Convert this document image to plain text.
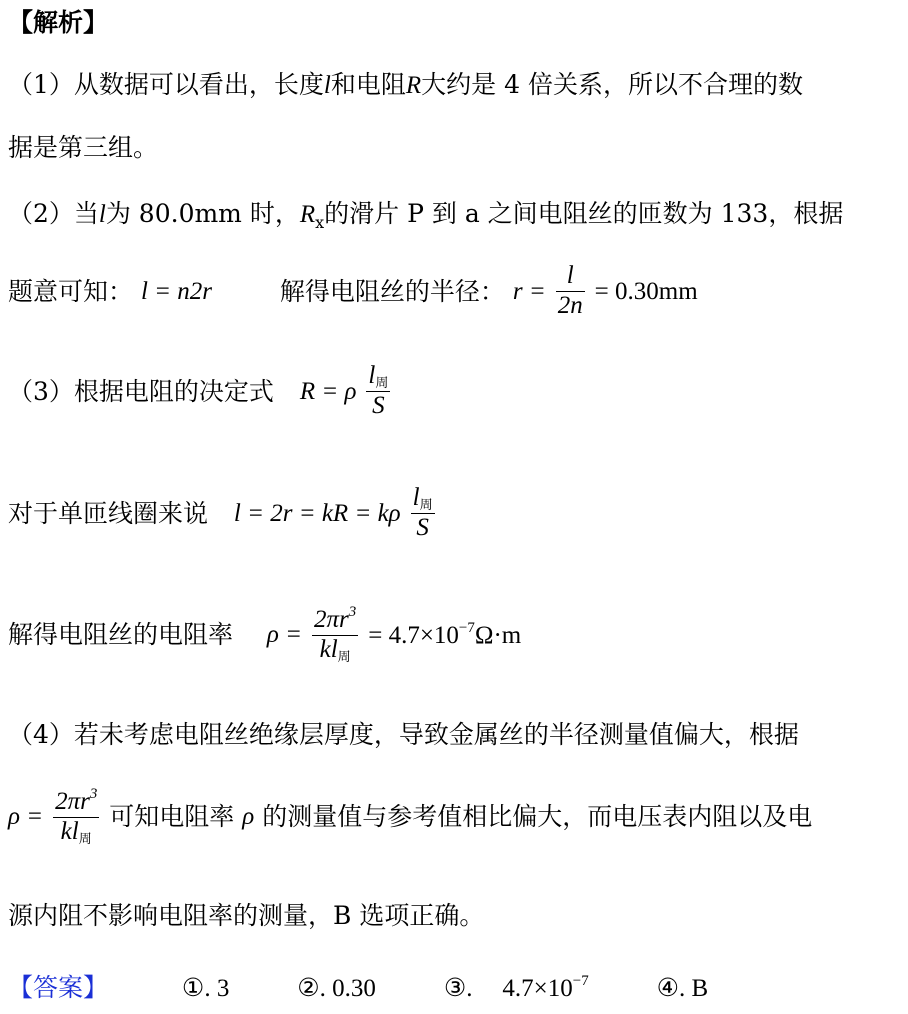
【解析】
（1）从数据可以看出，长度l和电阻R大约是 4 倍关系，所以不合理的数
据是第三组。
（2）当l为 80.0mm 时，$R_x$的滑片 P 到 a 之间电阻丝的匝数为 133，根据
题意可知： l = n2r	解得电阻丝的半径： $r = \frac{l}{2n} = 0.30mm$
（3）根据电阻的决定式 R = ρ $\frac{l_周}{S}$
对于单匝线圈来说 l = 2r = kR = kρ $\frac{l_周}{S}$
解得电阻丝的电阻率 $\rho = \frac{2\pi r^3}{kl_周} = 4.7\times 10^{-7}\Omega\cdot m$
（4）若未考虑电阻丝绝缘层厚度，导致金属丝的半径测量值偏大，根据
$\rho = \frac{2\pi r^3}{kl_周}$ 可知电阻率 ρ 的测量值与参考值相比偏大，而电压表内阻以及电
源内阻不影响电阻率的测量，B 选项正确。
【答案】	①. 3	②. 0.30	③. $4.7\times 10^{-7}$	④. B
